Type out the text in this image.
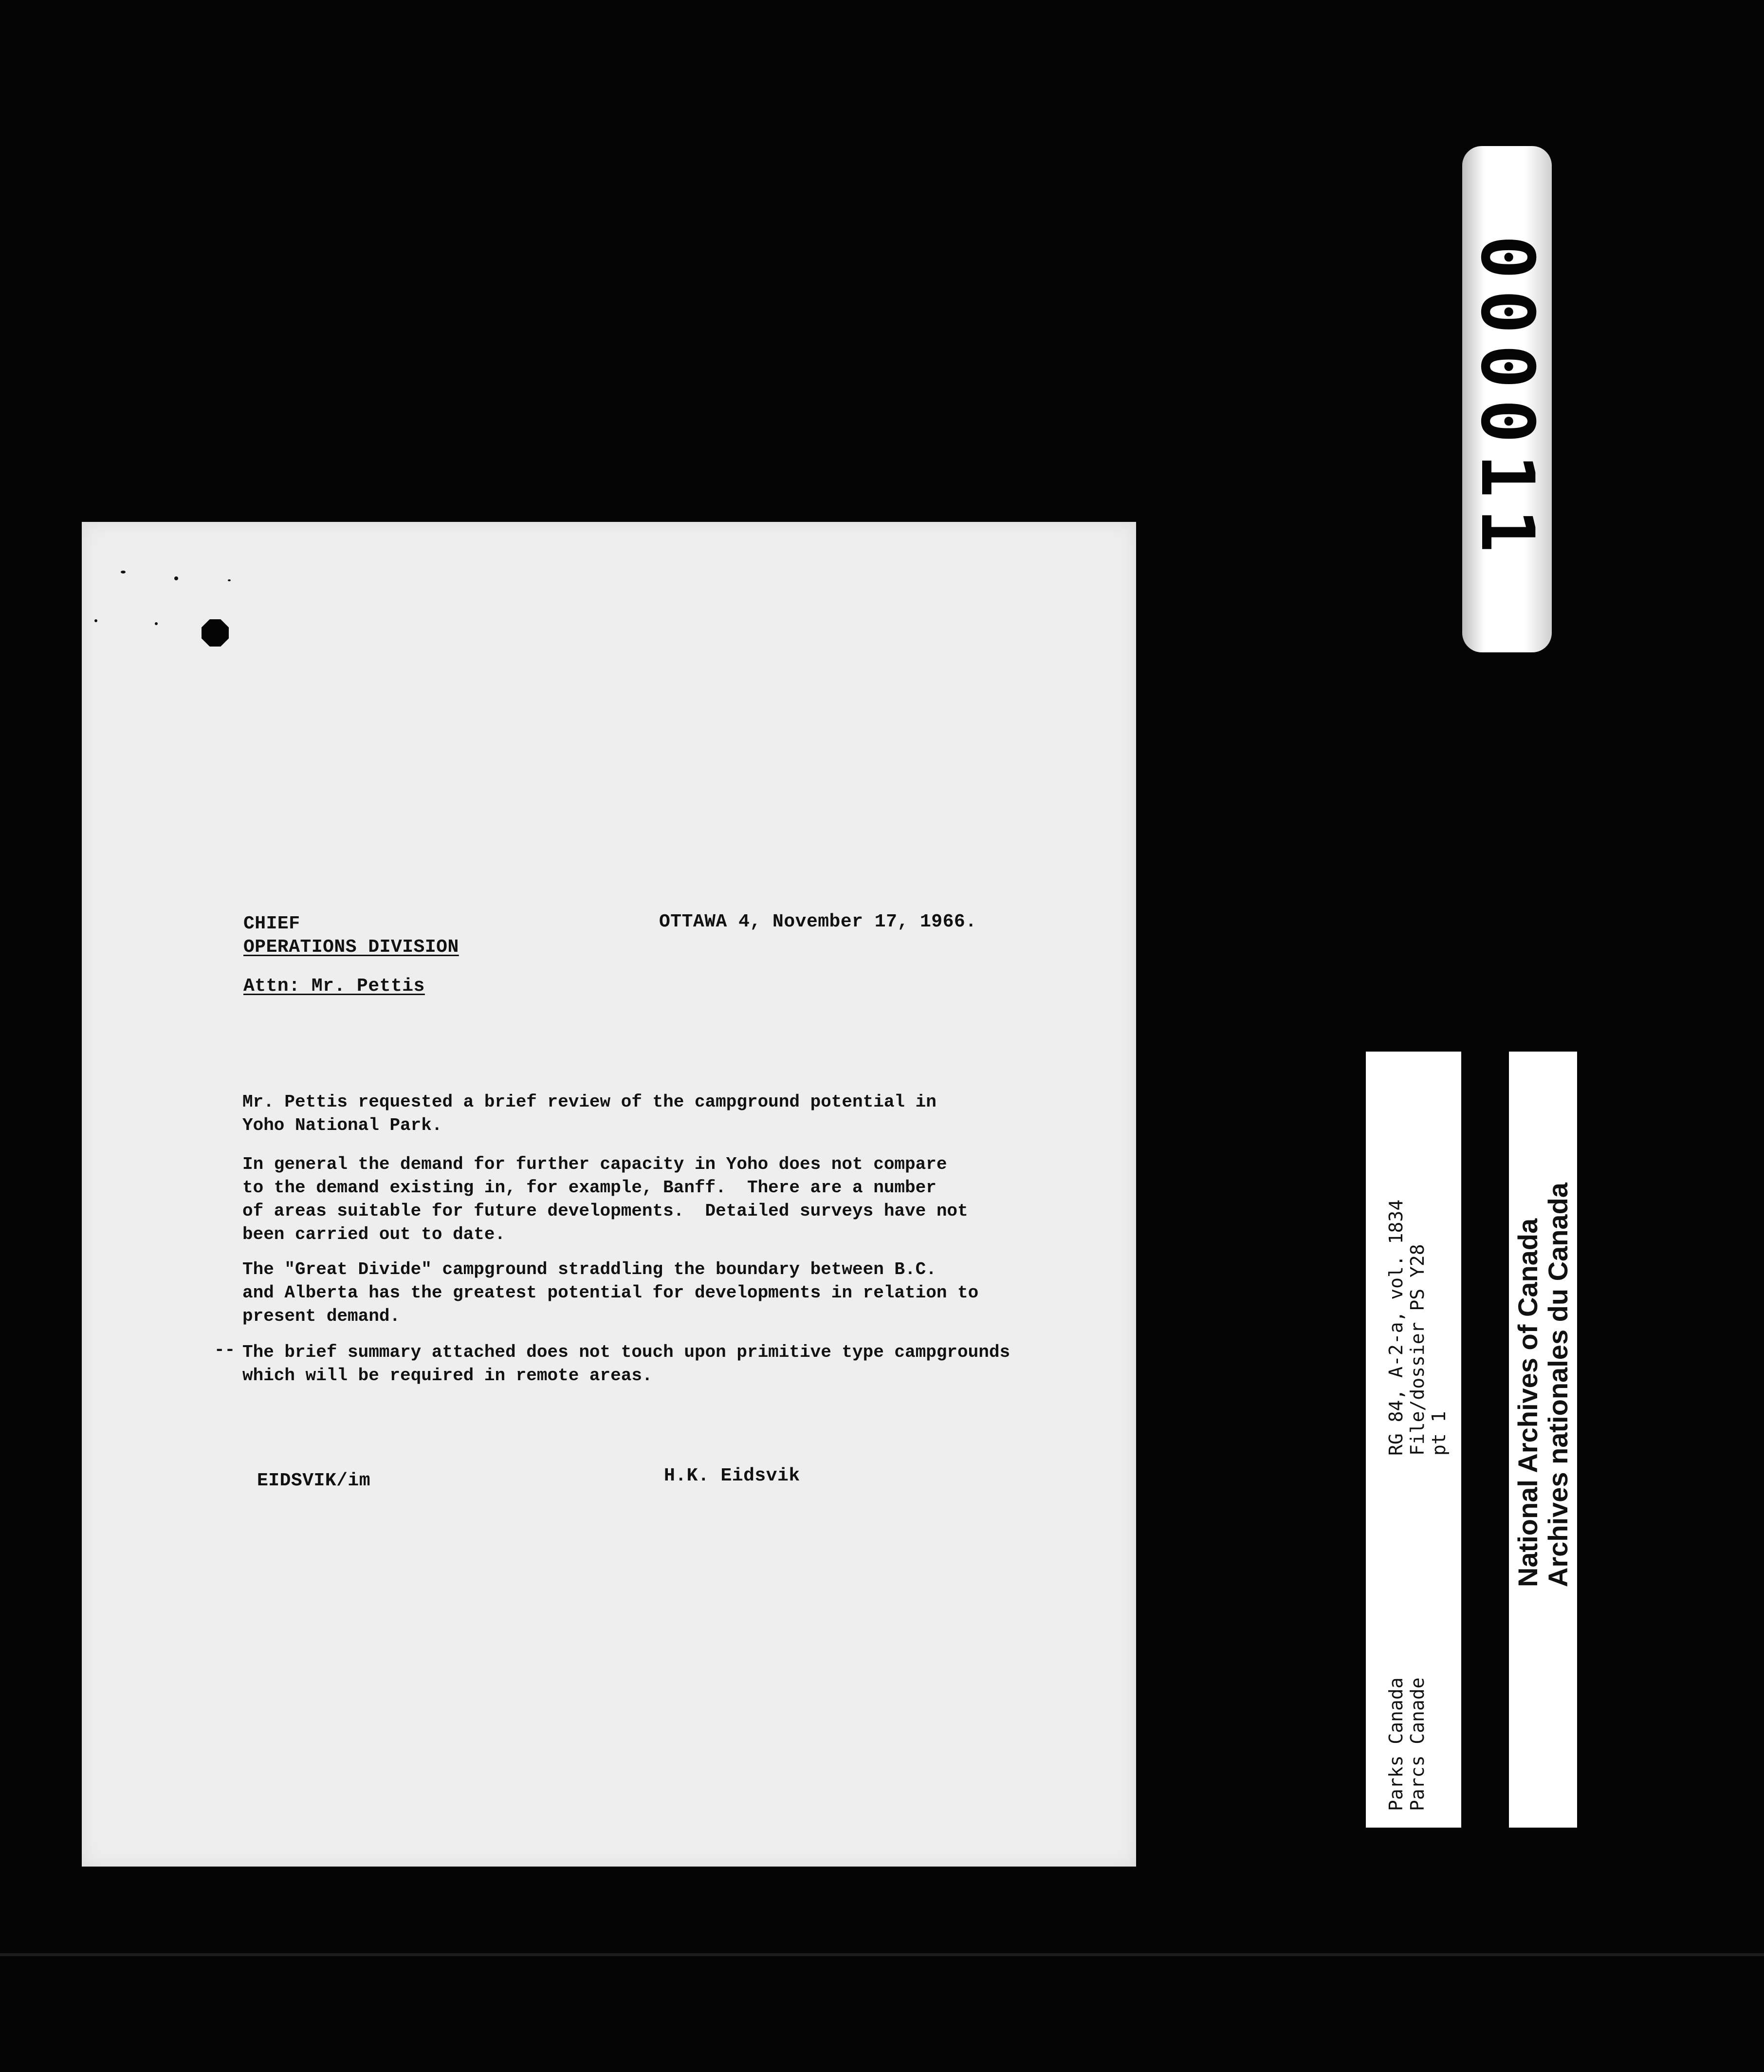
CHIEF
OPERATIONS DIVISION
OTTAWA 4, November 17, 1966.
Attn: Mr. Pettis
Mr. Pettis requested a brief review of the campground potential in
Yoho National Park.
In general the demand for further capacity in Yoho does not compare
to the demand existing in, for example, Banff.  There are a number
of areas suitable for future developments.  Detailed surveys have not
been carried out to date.
The "Great Divide" campground straddling the boundary between B.C.
and Alberta has the greatest potential for developments in relation to
present demand.
-- The brief summary attached does not touch upon primitive type campgrounds
which will be required in remote areas.
EIDSVIK/im	H.K. Eidsvik
000011
RG 84, A-2-a, vol. 1834 File/dossier PS Y28 pt 1
Parks Canada Parcs Canade
National Archives of Canada Archives nationales du Canada
